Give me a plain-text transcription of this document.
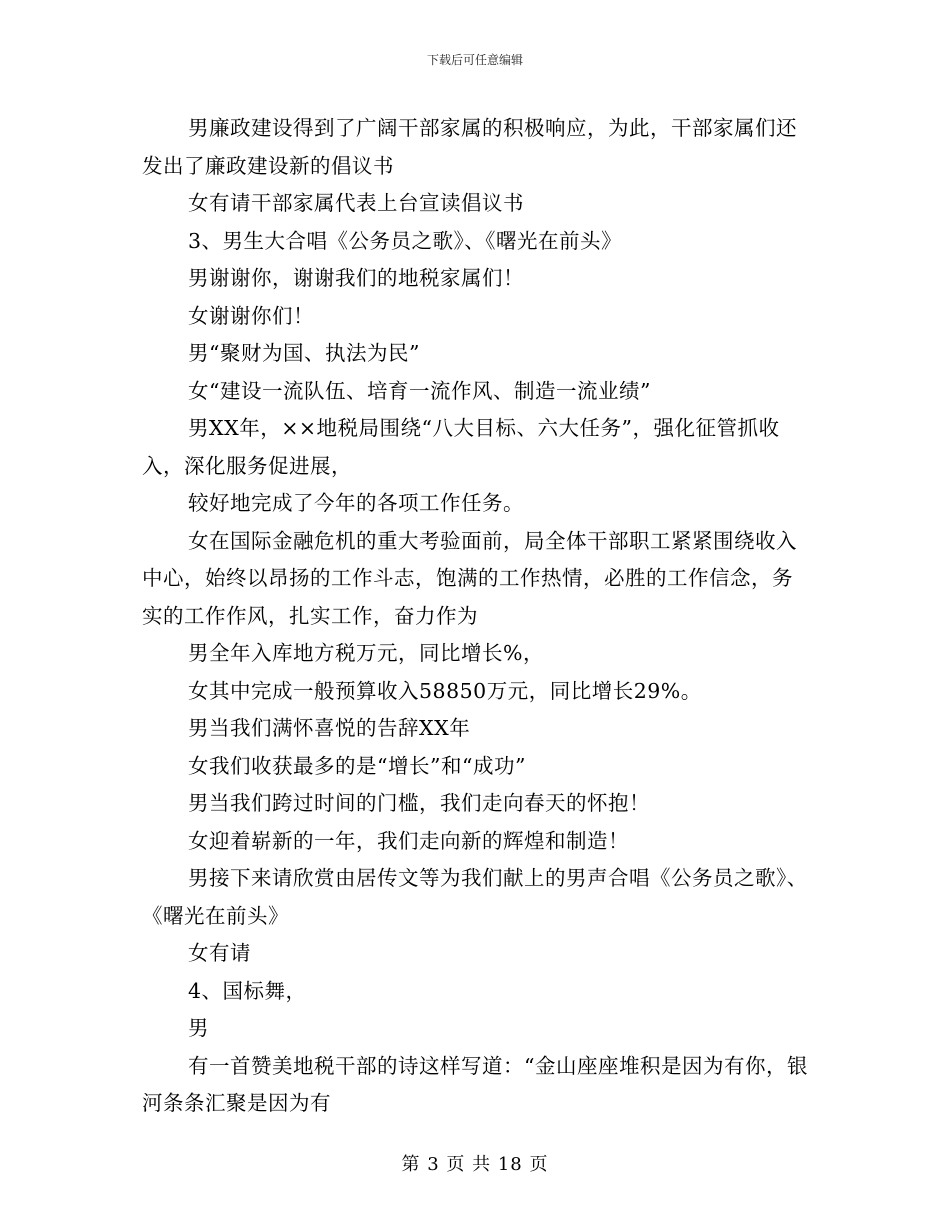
下载后可任意编辑

男廉政建设得到了广阔干部家属的积极响应，为此，干部家属们还发出了廉政建设新的倡议书

女有请干部家属代表上台宣读倡议书

3、男生大合唱《公务员之歌》、《曙光在前头》

男谢谢你，谢谢我们的地税家属们！

女谢谢你们！

男“聚财为国、执法为民”

女“建设一流队伍、培育一流作风、制造一流业绩”

男XX年，××地税局围绕“八大目标、六大任务”，强化征管抓收入，深化服务促进展，

较好地完成了今年的各项工作任务。

女在国际金融危机的重大考验面前，局全体干部职工紧紧围绕收入中心，始终以昂扬的工作斗志，饱满的工作热情，必胜的工作信念，务实的工作作风，扎实工作，奋力作为

男全年入库地方税万元，同比增长%，

女其中完成一般预算收入58850万元，同比增长29%。

男当我们满怀喜悦的告辞XX年

女我们收获最多的是“增长”和“成功”

男当我们跨过时间的门槛，我们走向春天的怀抱！

女迎着崭新的一年，我们走向新的辉煌和制造！

男接下来请欣赏由居传文等为我们献上的男声合唱《公务员之歌》、《曙光在前头》

女有请

4、国标舞，

男

有一首赞美地税干部的诗这样写道：“金山座座堆积是因为有你，银河条条汇聚是因为有

第 3 页 共 18 页
